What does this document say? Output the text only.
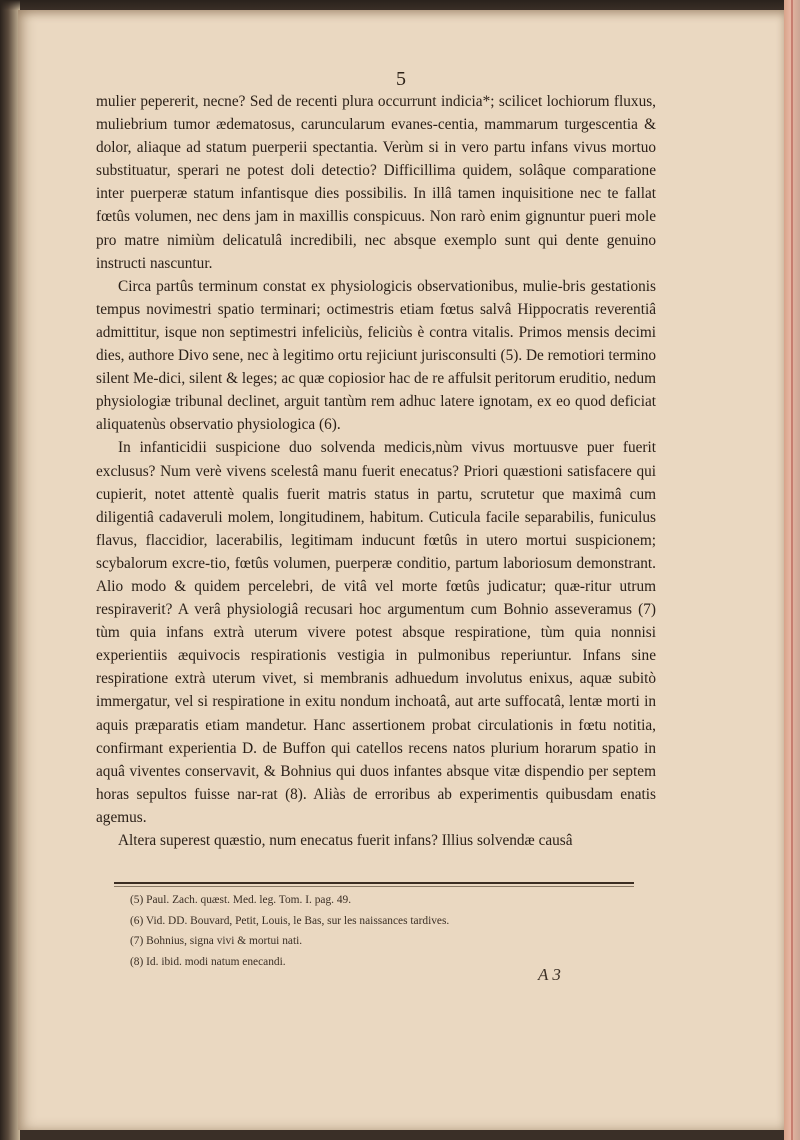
5

mulier pepererit, necne? Sed de recenti plura occurrunt indicia*; scilicet lochiorum fluxus, muliebrium tumor ædematosus, caruncularum evanes-centia, mammarum turgescentia & dolor, aliaque ad statum puerperii spectantia. Verùm si in vero partu infans vivus mortuo substituatur, sperari ne potest doli detectio? Difficillima quidem, solâque comparatione inter puerperæ statum infantisque dies possibilis. In illâ tamen inquisitione nec te fallat fœtûs volumen, nec dens jam in maxillis conspicuus. Non rarò enim gignuntur pueri mole pro matre nimiùm delicatulâ incredibili, nec absque exemplo sunt qui dente genuino instructi nascuntur.

Circa partûs terminum constat ex physiologicis observationibus, mulie-bris gestationis tempus novimestri spatio terminari; octimestris etiam fœtus salvâ Hippocratis reverentiâ admittitur, isque non septimestri infeliciùs, feliciùs è contra vitalis. Primos mensis decimi dies, authore Divo sene, nec à legitimo ortu rejiciunt jurisconsulti (5). De remotiori termino silent Me-dici, silent & leges; ac quæ copiosior hac de re affulsit peritorum eruditio, nedum physiologiæ tribunal declinet, arguit tantùm rem adhuc latere ignotam, ex eo quod deficiat aliquatenùs observatio physiologica (6).

In infanticidii suspicione duo solvenda medicis,nùm vivus mortuusve puer fuerit exclusus? Num verè vivens scelestâ manu fuerit enecatus? Priori quæstioni satisfacere qui cupierit, notet attentè qualis fuerit matris status in partu, scrutetur que maximâ cum diligentiâ cadaveruli molem, longitudinem, habitum. Cuticula facile separabilis, funiculus flavus, flaccidior, lacerabilis, legitimam inducunt fœtûs in utero mortui suspicionem; scybalorum excre-tio, fœtûs volumen, puerperæ conditio, partum laboriosum demonstrant. Alio modo & quidem percelebri, de vitâ vel morte fœtûs judicatur; quæ-ritur utrum respiraverit? A verâ physiologiâ recusari hoc argumentum cum Bohnio asseveramus (7) tùm quia infans extrà uterum vivere potest absque respiratione, tùm quia nonnisi experientiis æquivocis respirationis vestigia in pulmonibus reperiuntur. Infans sine respiratione extrà uterum vivet, si membranis adhuedum involutus enixus, aquæ subitò immergatur, vel si respiratione in exitu nondum inchoatâ, aut arte suffocatâ, lentæ morti in aquis præparatis etiam mandetur. Hanc assertionem probat circulationis in fœtu notitia, confirmant experientia D. de Buffon qui catellos recens natos plurium horarum spatio in aquâ viventes conservavit, & Bohnius qui duos infantes absque vitæ dispendio per septem horas sepultos fuisse nar-rat (8). Aliàs de erroribus ab experimentis quibusdam enatis agemus.

Altera superest quæstio, num enecatus fuerit infans? Illius solvendæ causâ

(5) Paul. Zach. quæst. Med. leg. Tom. I. pag. 49.
(6) Vid. DD. Bouvard, Petit, Louis, le Bas, sur les naissances tardives.
(7) Bohnius, signa vivi & mortui nati.
(8) Id. ibid. modi natum enecandi.
A 3
